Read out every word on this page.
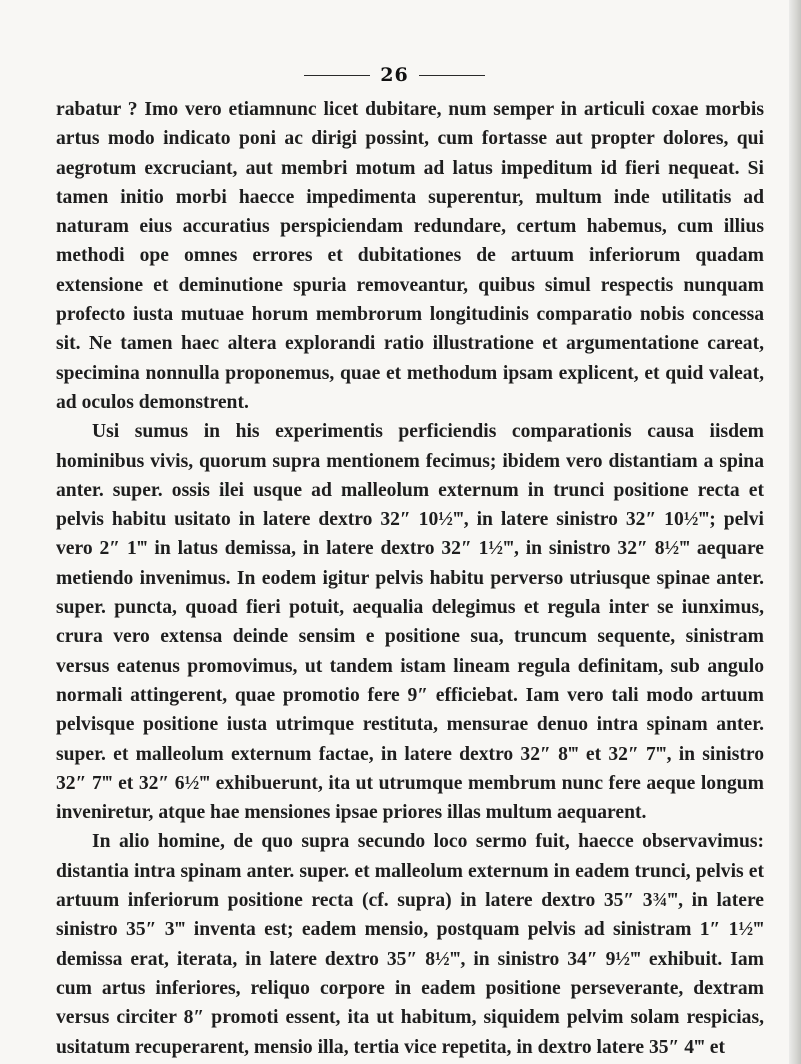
26

rabatur ? Imo vero etiamnunc licet dubitare, num semper in articuli coxae morbis artus modo indicato poni ac dirigi possint, cum fortasse aut propter dolores, qui aegrotum excruciant, aut membri motum ad latus impeditum id fieri nequeat. Si tamen initio morbi haecce impedimenta superentur, multum inde utilitatis ad naturam eius accuratius perspiciendam redundare, certum habemus, cum illius methodi ope omnes errores et dubitationes de artuum inferiorum quadam extensione et deminutione spuria removeantur, quibus simul respectis nunquam profecto iusta mutuae horum membrorum longitudinis comparatio nobis concessa sit. Ne tamen haec altera explorandi ratio illustratione et argumentatione careat, specimina nonnulla proponemus, quae et methodum ipsam explicent, et quid valeat, ad oculos demonstrent.

Usi sumus in his experimentis perficiendis comparationis causa iisdem hominibus vivis, quorum supra mentionem fecimus; ibidem vero distantiam a spina anter. super. ossis ilei usque ad malleolum externum in trunci positione recta et pelvis habitu usitato in latere dextro 32″ 10½‴, in latere sinistro 32″ 10½‴; pelvi vero 2″ 1‴ in latus demissa, in latere dextro 32″ 1½‴, in sinistro 32″ 8½‴ aequare metiendo invenimus. In eodem igitur pelvis habitu perverso utriusque spinae anter. super. puncta, quoad fieri potuit, aequalia delegimus et regula inter se iunximus, crura vero extensa deinde sensim e positione sua, truncum sequente, sinistram versus eatenus promovimus, ut tandem istam lineam regula definitam, sub angulo normali attingerent, quae promotio fere 9″ efficiebat. Iam vero tali modo artuum pelvisque positione iusta utrimque restituta, mensurae denuo intra spinam anter. super. et malleolum externum factae, in latere dextro 32″ 8‴ et 32″ 7‴, in sinistro 32″ 7‴ et 32″ 6½‴ exhibuerunt, ita ut utrumque membrum nunc fere aeque longum inveniretur, atque hae mensiones ipsae priores illas multum aequarent.

In alio homine, de quo supra secundo loco sermo fuit, haecce observavimus: distantia intra spinam anter. super. et malleolum externum in eadem trunci, pelvis et artuum inferiorum positione recta (cf. supra) in latere dextro 35″ 3¾‴, in latere sinistro 35″ 3‴ inventa est; eadem mensio, postquam pelvis ad sinistram 1″ 1½‴ demissa erat, iterata, in latere dextro 35″ 8½‴, in sinistro 34″ 9½‴ exhibuit. Iam cum artus inferiores, reliquo corpore in eadem positione perseverante, dextram versus circiter 8″ promoti essent, ita ut habitum, siquidem pelvim solam respicias, usitatum recuperarent, mensio illa, tertia vice repetita, in dextro latere 35″ 4‴ et
